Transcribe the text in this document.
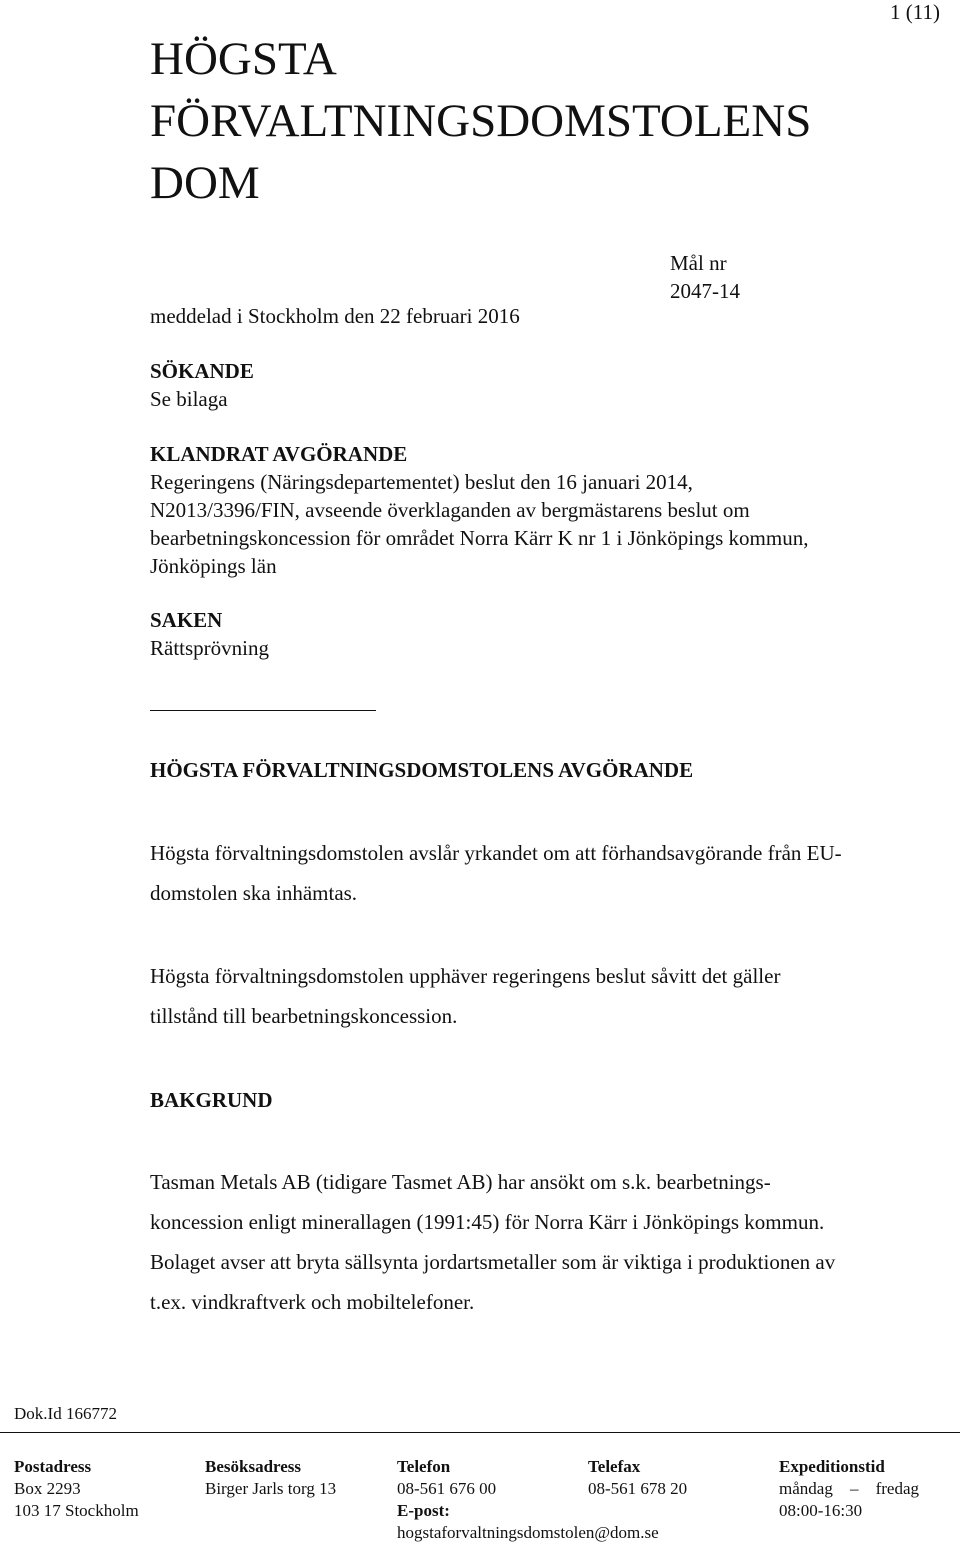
1 (11)
HÖGSTA
FÖRVALTNINGSDOMSTOLENS
DOM
Mål nr
2047-14
meddelad i Stockholm den 22 februari 2016
SÖKANDE
Se bilaga
KLANDRAT AVGÖRANDE
Regeringens (Näringsdepartementet) beslut den 16 januari 2014,
N2013/3396/FIN, avseende överklaganden av bergmästarens beslut om
bearbetningskoncession för området Norra Kärr K nr 1 i Jönköpings kommun,
Jönköpings län
SAKEN
Rättsprövning
HÖGSTA FÖRVALTNINGSDOMSTOLENS AVGÖRANDE
Högsta förvaltningsdomstolen avslår yrkandet om att förhandsavgörande från EU-
domstolen ska inhämtas.
Högsta förvaltningsdomstolen upphäver regeringens beslut såvitt det gäller
tillstånd till bearbetningskoncession.
BAKGRUND
Tasman Metals AB (tidigare Tasmet AB) har ansökt om s.k. bearbetnings-
koncession enligt minerallagen (1991:45) för Norra Kärr i Jönköpings kommun.
Bolaget avser att bryta sällsynta jordartsmetaller som är viktiga i produktionen av
t.ex. vindkraftverk och mobiltelefoner.
Dok.Id 166772
Postadress
Box 2293
103 17 Stockholm
Besöksadress
Birger Jarls torg 13
Telefon
08-561 676 00
E-post:
hogstaforvaltningsdomstolen@dom.se
Telefax
08-561 678 20
Expeditionstid
måndag – fredag
08:00-16:30
